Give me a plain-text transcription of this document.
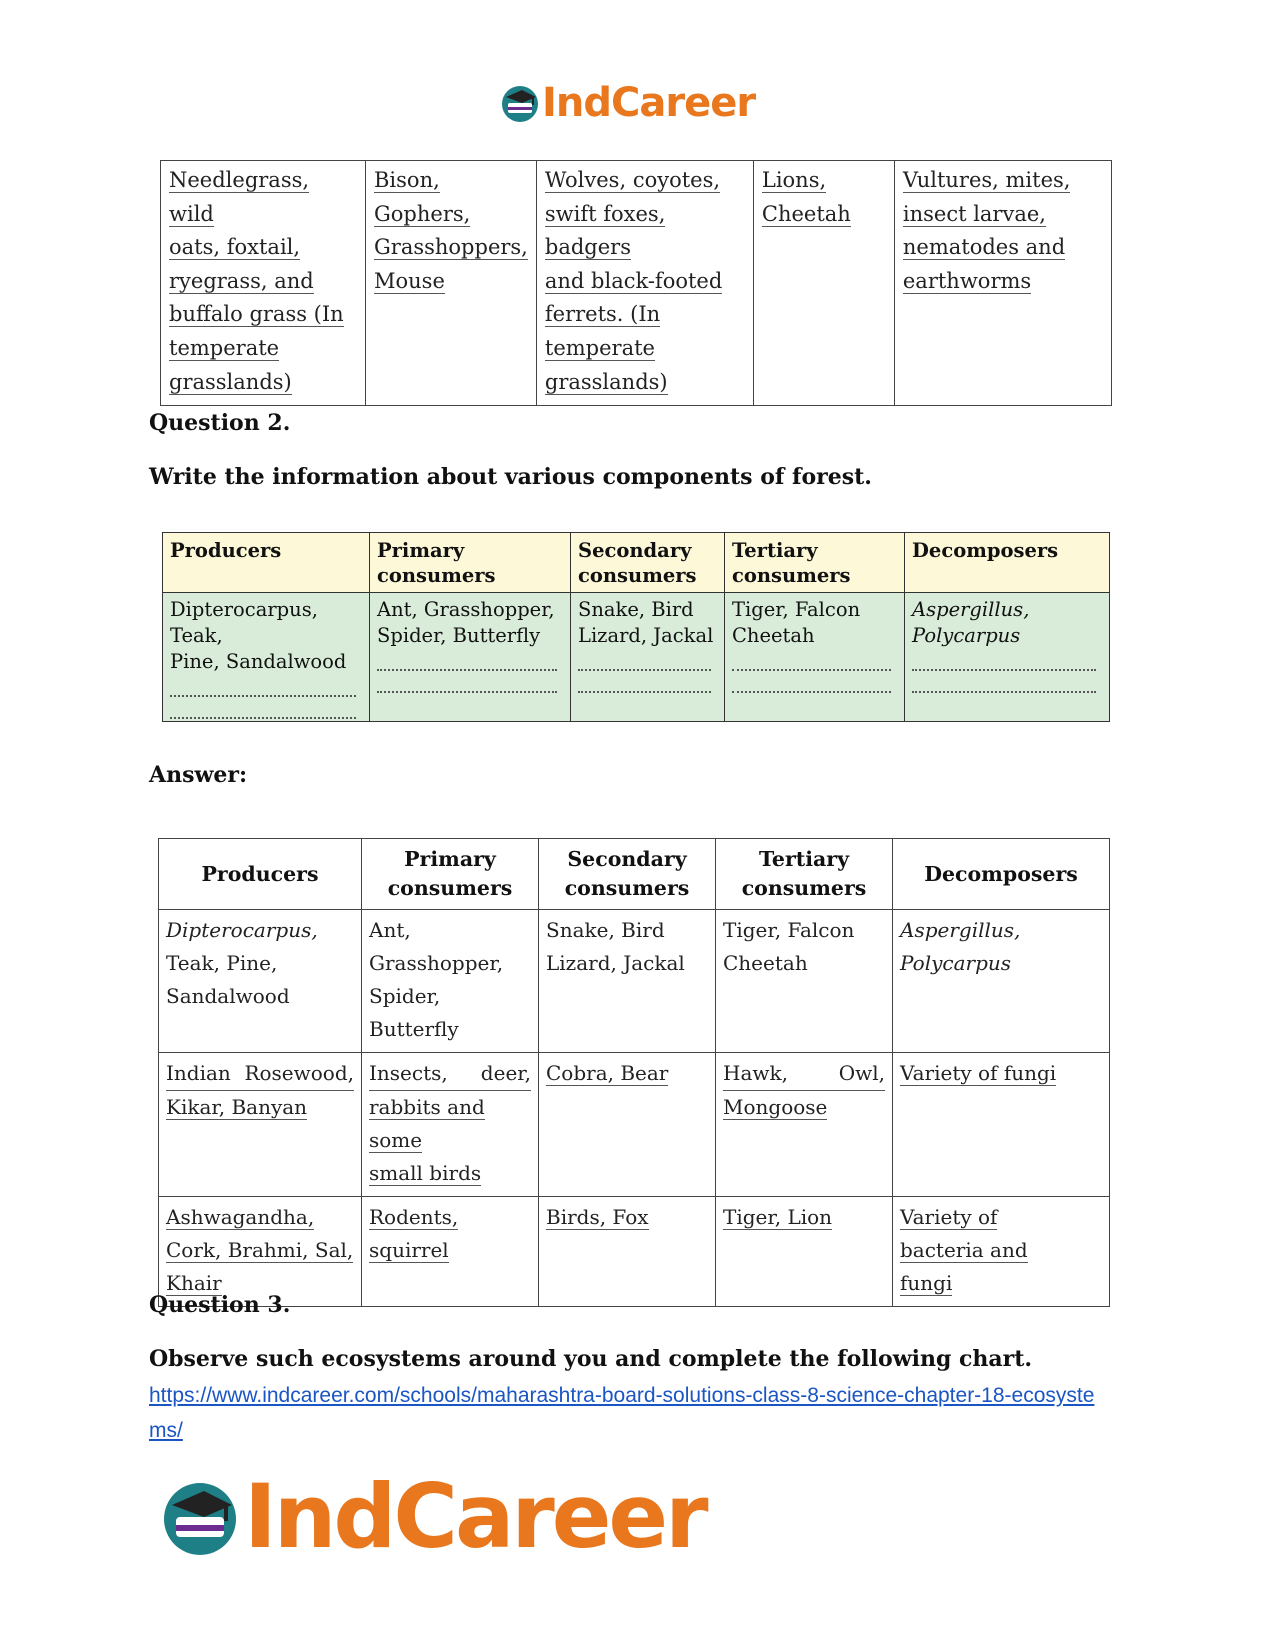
IndCareer
Needlegrass, wild
oats, foxtail,
ryegrass, and
buffalo grass (In
temperate
grasslands)	Bison,
Gophers,
Grasshoppers,
Mouse	Wolves, coyotes,
swift foxes, badgers
and black-footed
ferrets. (In
temperate
grasslands)	Lions,
Cheetah	Vultures, mites,
insect larvae,
nematodes and
earthworms
Question 2.
Write the information about various components of forest.
Producers	Primary consumers	Secondary consumers	Tertiary consumers	Decomposers
Dipterocarpus, Teak,
Pine, Sandalwood	Ant, Grasshopper,
Spider, Butterfly	Snake, Bird
Lizard, Jackal	Tiger, Falcon
Cheetah	Aspergillus,
Polycarpus
Answer:
Producers	Primary consumers	Secondary consumers	Tertiary consumers	Decomposers
Dipterocarpus,
Teak, Pine,
Sandalwood	Ant,
Grasshopper,
Spider, Butterfly	Snake, Bird
Lizard, Jackal	Tiger, Falcon
Cheetah	Aspergillus,
Polycarpus
Indian Rosewood,
Kikar, Banyan	Insects, deer,
rabbits and some
small birds	Cobra, Bear	Hawk, Owl,
Mongoose	Variety of fungi
Ashwagandha,
Cork, Brahmi, Sal,
Khair	Rodents,
squirrel	Birds, Fox	Tiger, Lion	Variety of
bacteria and
fungi
Question 3.
Observe such ecosystems around you and complete the following chart.
https://www.indcareer.com/schools/maharashtra-board-solutions-class-8-science-chapter-18-ecosystems/
IndCareer
